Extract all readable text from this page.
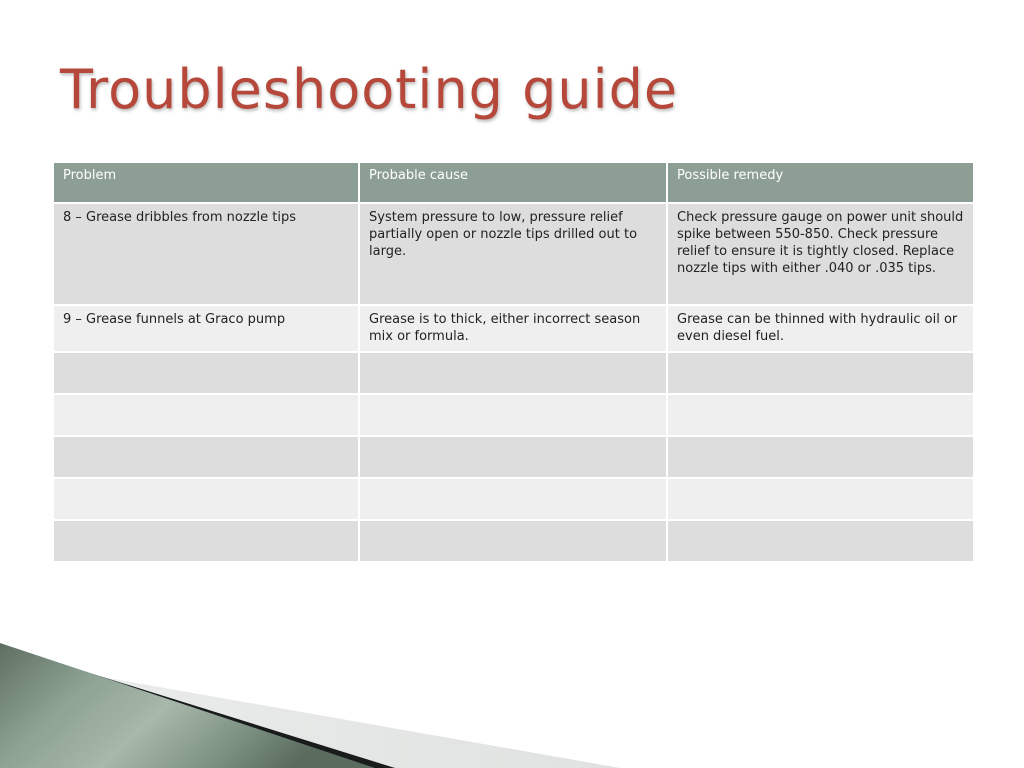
Troubleshooting guide
Problem	Probable cause	Possible remedy
8 – Grease dribbles from nozzle tips	System pressure to low, pressure relief partially open or nozzle tips drilled out to large.	Check pressure gauge on power unit should spike between 550-850. Check pressure relief to ensure it is tightly closed. Replace nozzle tips with either .040 or .035 tips.
9 – Grease funnels at Graco pump	Grease is to thick, either incorrect season mix or formula.	Grease can be thinned with hydraulic oil or even diesel fuel.
